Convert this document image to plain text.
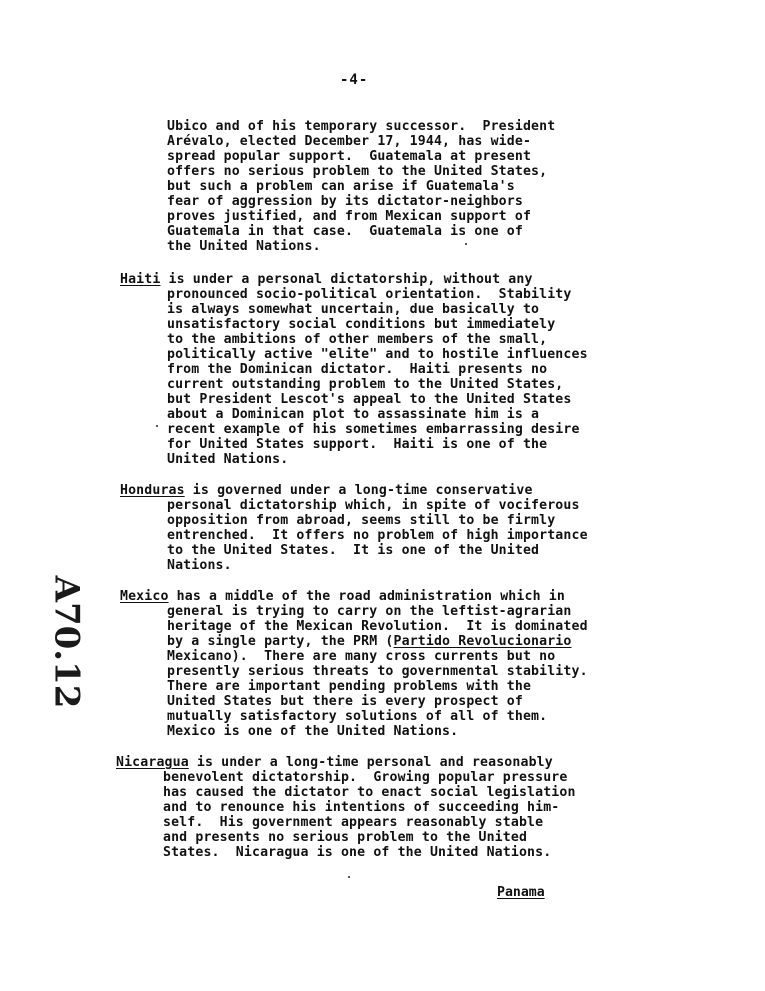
-4-
Ubico and of his temporary successor.  President
Arévalo, elected December 17, 1944, has wide-
spread popular support.  Guatemala at present
offers no serious problem to the United States,
but such a problem can arise if Guatemala's
fear of aggression by its dictator-neighbors
proves justified, and from Mexican support of
Guatemala in that case.  Guatemala is one of
the United Nations.
Haiti is under a personal dictatorship, without any
pronounced socio-political orientation.  Stability
is always somewhat uncertain, due basically to
unsatisfactory social conditions but immediately
to the ambitions of other members of the small,
politically active "elite" and to hostile influences
from the Dominican dictator.  Haiti presents no
current outstanding problem to the United States,
but President Lescot's appeal to the United States
about a Dominican plot to assassinate him is a
recent example of his sometimes embarrassing desire
for United States support.  Haiti is one of the
United Nations.
Honduras is governed under a long-time conservative
personal dictatorship which, in spite of vociferous
opposition from abroad, seems still to be firmly
entrenched.  It offers no problem of high importance
to the United States.  It is one of the United
Nations.
Mexico has a middle of the road administration which in
general is trying to carry on the leftist-agrarian
heritage of the Mexican Revolution.  It is dominated
by a single party, the PRM (Partido Revolucionario
Mexicano).  There are many cross currents but no
presently serious threats to governmental stability.
There are important pending problems with the
United States but there is every prospect of
mutually satisfactory solutions of all of them.
Mexico is one of the United Nations.
Nicaragua is under a long-time personal and reasonably
benevolent dictatorship.  Growing popular pressure
has caused the dictator to enact social legislation
and to renounce his intentions of succeeding him-
self.  His government appears reasonably stable
and presents no serious problem to the United
States.  Nicaragua is one of the United Nations.
A70.12
Panama
